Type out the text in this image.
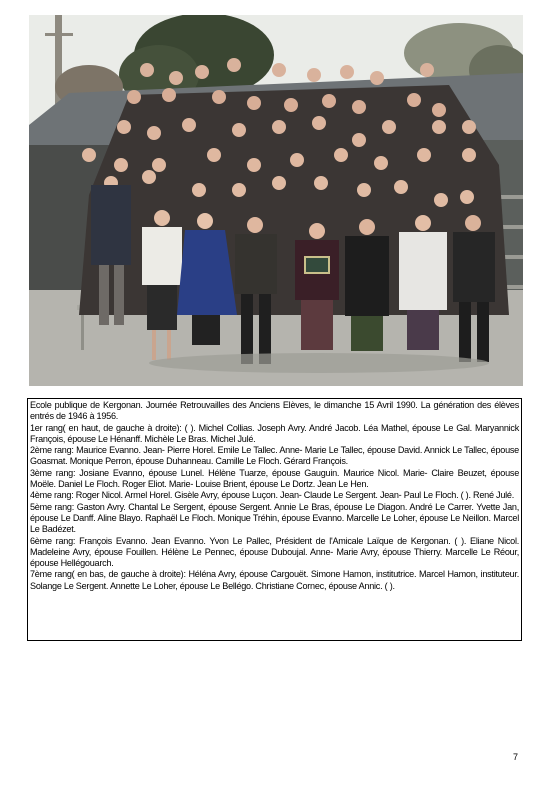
Ecole publique de Kergonan. Journée Retrouvailles des Anciens Elèves, le dimanche 15 Avril 1990. La génération des élèves entrés de 1946 à 1956.

1er rang( en haut, de gauche à droite): ( ). Michel Collias. Joseph Avry. André Jacob. Léa Mathel, épouse Le Gal. Maryannick François, épouse Le Hénanff. Michèle Le Bras. Michel Julé.

2ème rang: Maurice Evanno. Jean- Pierre Horel. Emile Le Tallec. Anne- Marie Le Tallec, épouse David. Annick Le Tallec, épouse Goasmat. Monique Perron, épouse Duhanneau. Camille Le Floch. Gérard François.

3ème rang: Josiane Evanno, épouse Lunel. Hélène Tuarze, épouse Gauguin. Maurice Nicol. Marie- Claire Beuzet, épouse Moële. Daniel Le Floch. Roger Eliot. Marie- Louise Brient, épouse Le Dortz. Jean Le Hen.

4ème rang: Roger Nicol. Armel Horel. Gisèle Avry, épouse Luçon. Jean- Claude Le Sergent. Jean- Paul Le Floch. ( ). René Julé.

5ème rang: Gaston Avry. Chantal Le Sergent, épouse Sergent. Annie Le Bras, épouse Le Diagon. André Le Carrer. Yvette Jan, épouse Le Danff. Aline Blayo. Raphaël Le Floch. Monique Tréhin, épouse Evanno. Marcelle Le Loher, épouse Le Neillon. Marcel Le Badézet.

6ème rang: François Evanno. Jean Evanno. Yvon Le Pallec, Président de l'Amicale Laïque de Kergonan. ( ). Eliane Nicol. Madeleine Avry, épouse Fouillen. Hélène Le Pennec, épouse Duboujal. Anne- Marie Avry, épouse Thierry. Marcelle Le Réour, épouse Hellégouarch.

7ème rang( en bas, de gauche à droite): Héléna Avry, épouse Cargouët. Simone Hamon, institutrice. Marcel Hamon, instituteur. Solange Le Sergent. Annette Le Loher, épouse Le Bellégo. Christiane Cornec, épouse Annic. ( ).

7
